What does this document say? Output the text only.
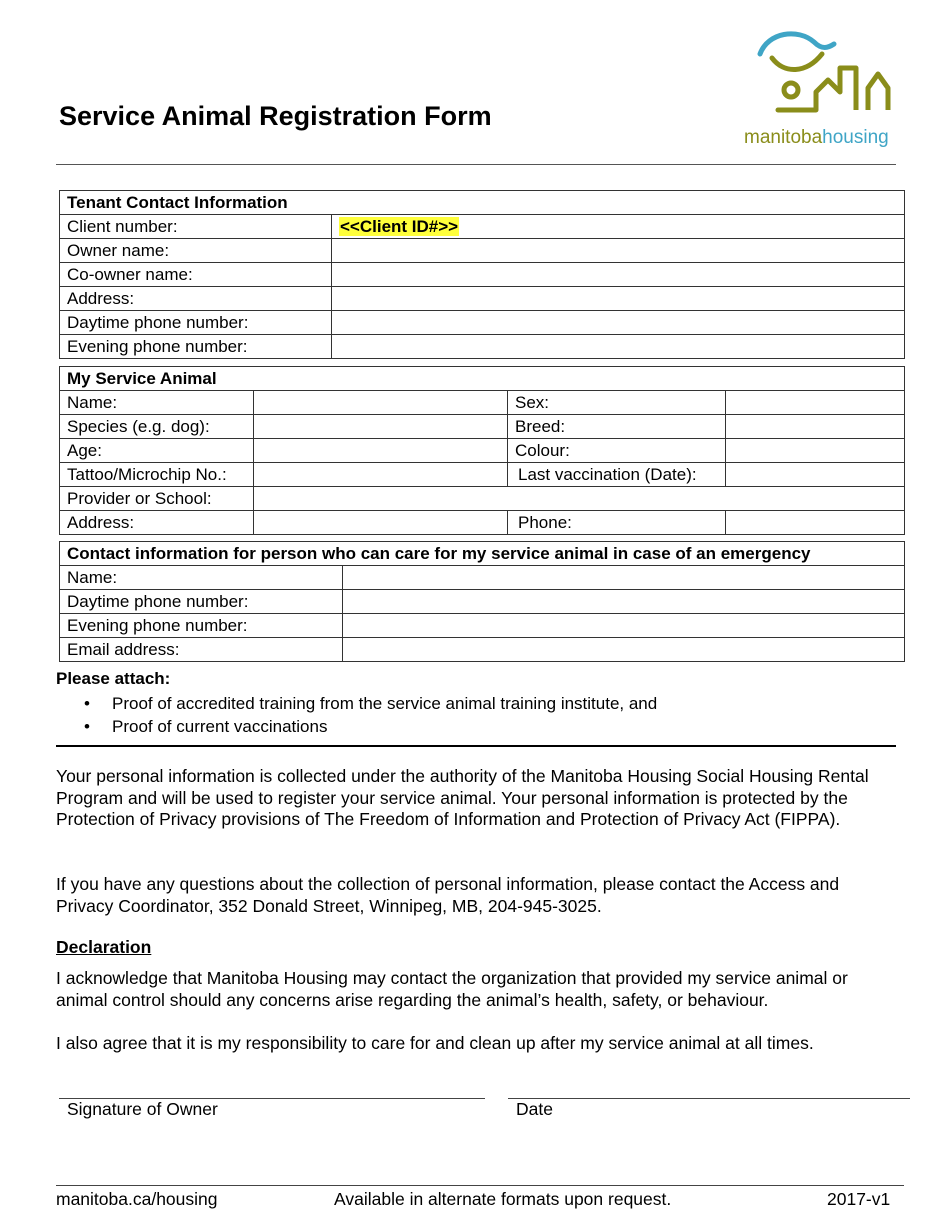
Service Animal Registration Form
manitobahousing
Tenant Contact Information	
Client number:	<<Client ID#>>
Owner name:	
Co-owner name:	
Address:	
Daytime phone number:	
Evening phone number:	
My Service Animal			
Name:		Sex:	
Species (e.g. dog):		Breed:	
Age:		Colour:	
Tattoo/Microchip No.:		Last vaccination (Date):	
Provider or School:			
Address:		Phone:	
Contact information for person who can care for my service animal in case of an emergency	
Name:	
Daytime phone number:	
Evening phone number:	
Email address:	
Please attach:
• Proof of accredited training from the service animal training institute, and
• Proof of current vaccinations

Your personal information is collected under the authority of the Manitoba Housing Social Housing Rental Program and will be used to register your service animal. Your personal information is protected by the Protection of Privacy provisions of The Freedom of Information and Protection of Privacy Act (FIPPA).

If you have any questions about the collection of personal information, please contact the Access and Privacy Coordinator, 352 Donald Street, Winnipeg, MB, 204-945-3025.

Declaration

I acknowledge that Manitoba Housing may contact the organization that provided my service animal or animal control should any concerns arise regarding the animal’s health, safety, or behaviour.

I also agree that it is my responsibility to care for and clean up after my service animal at all times.

Signature of Owner	Date
manitoba.ca/housing	Available in alternate formats upon request.	2017-v1
